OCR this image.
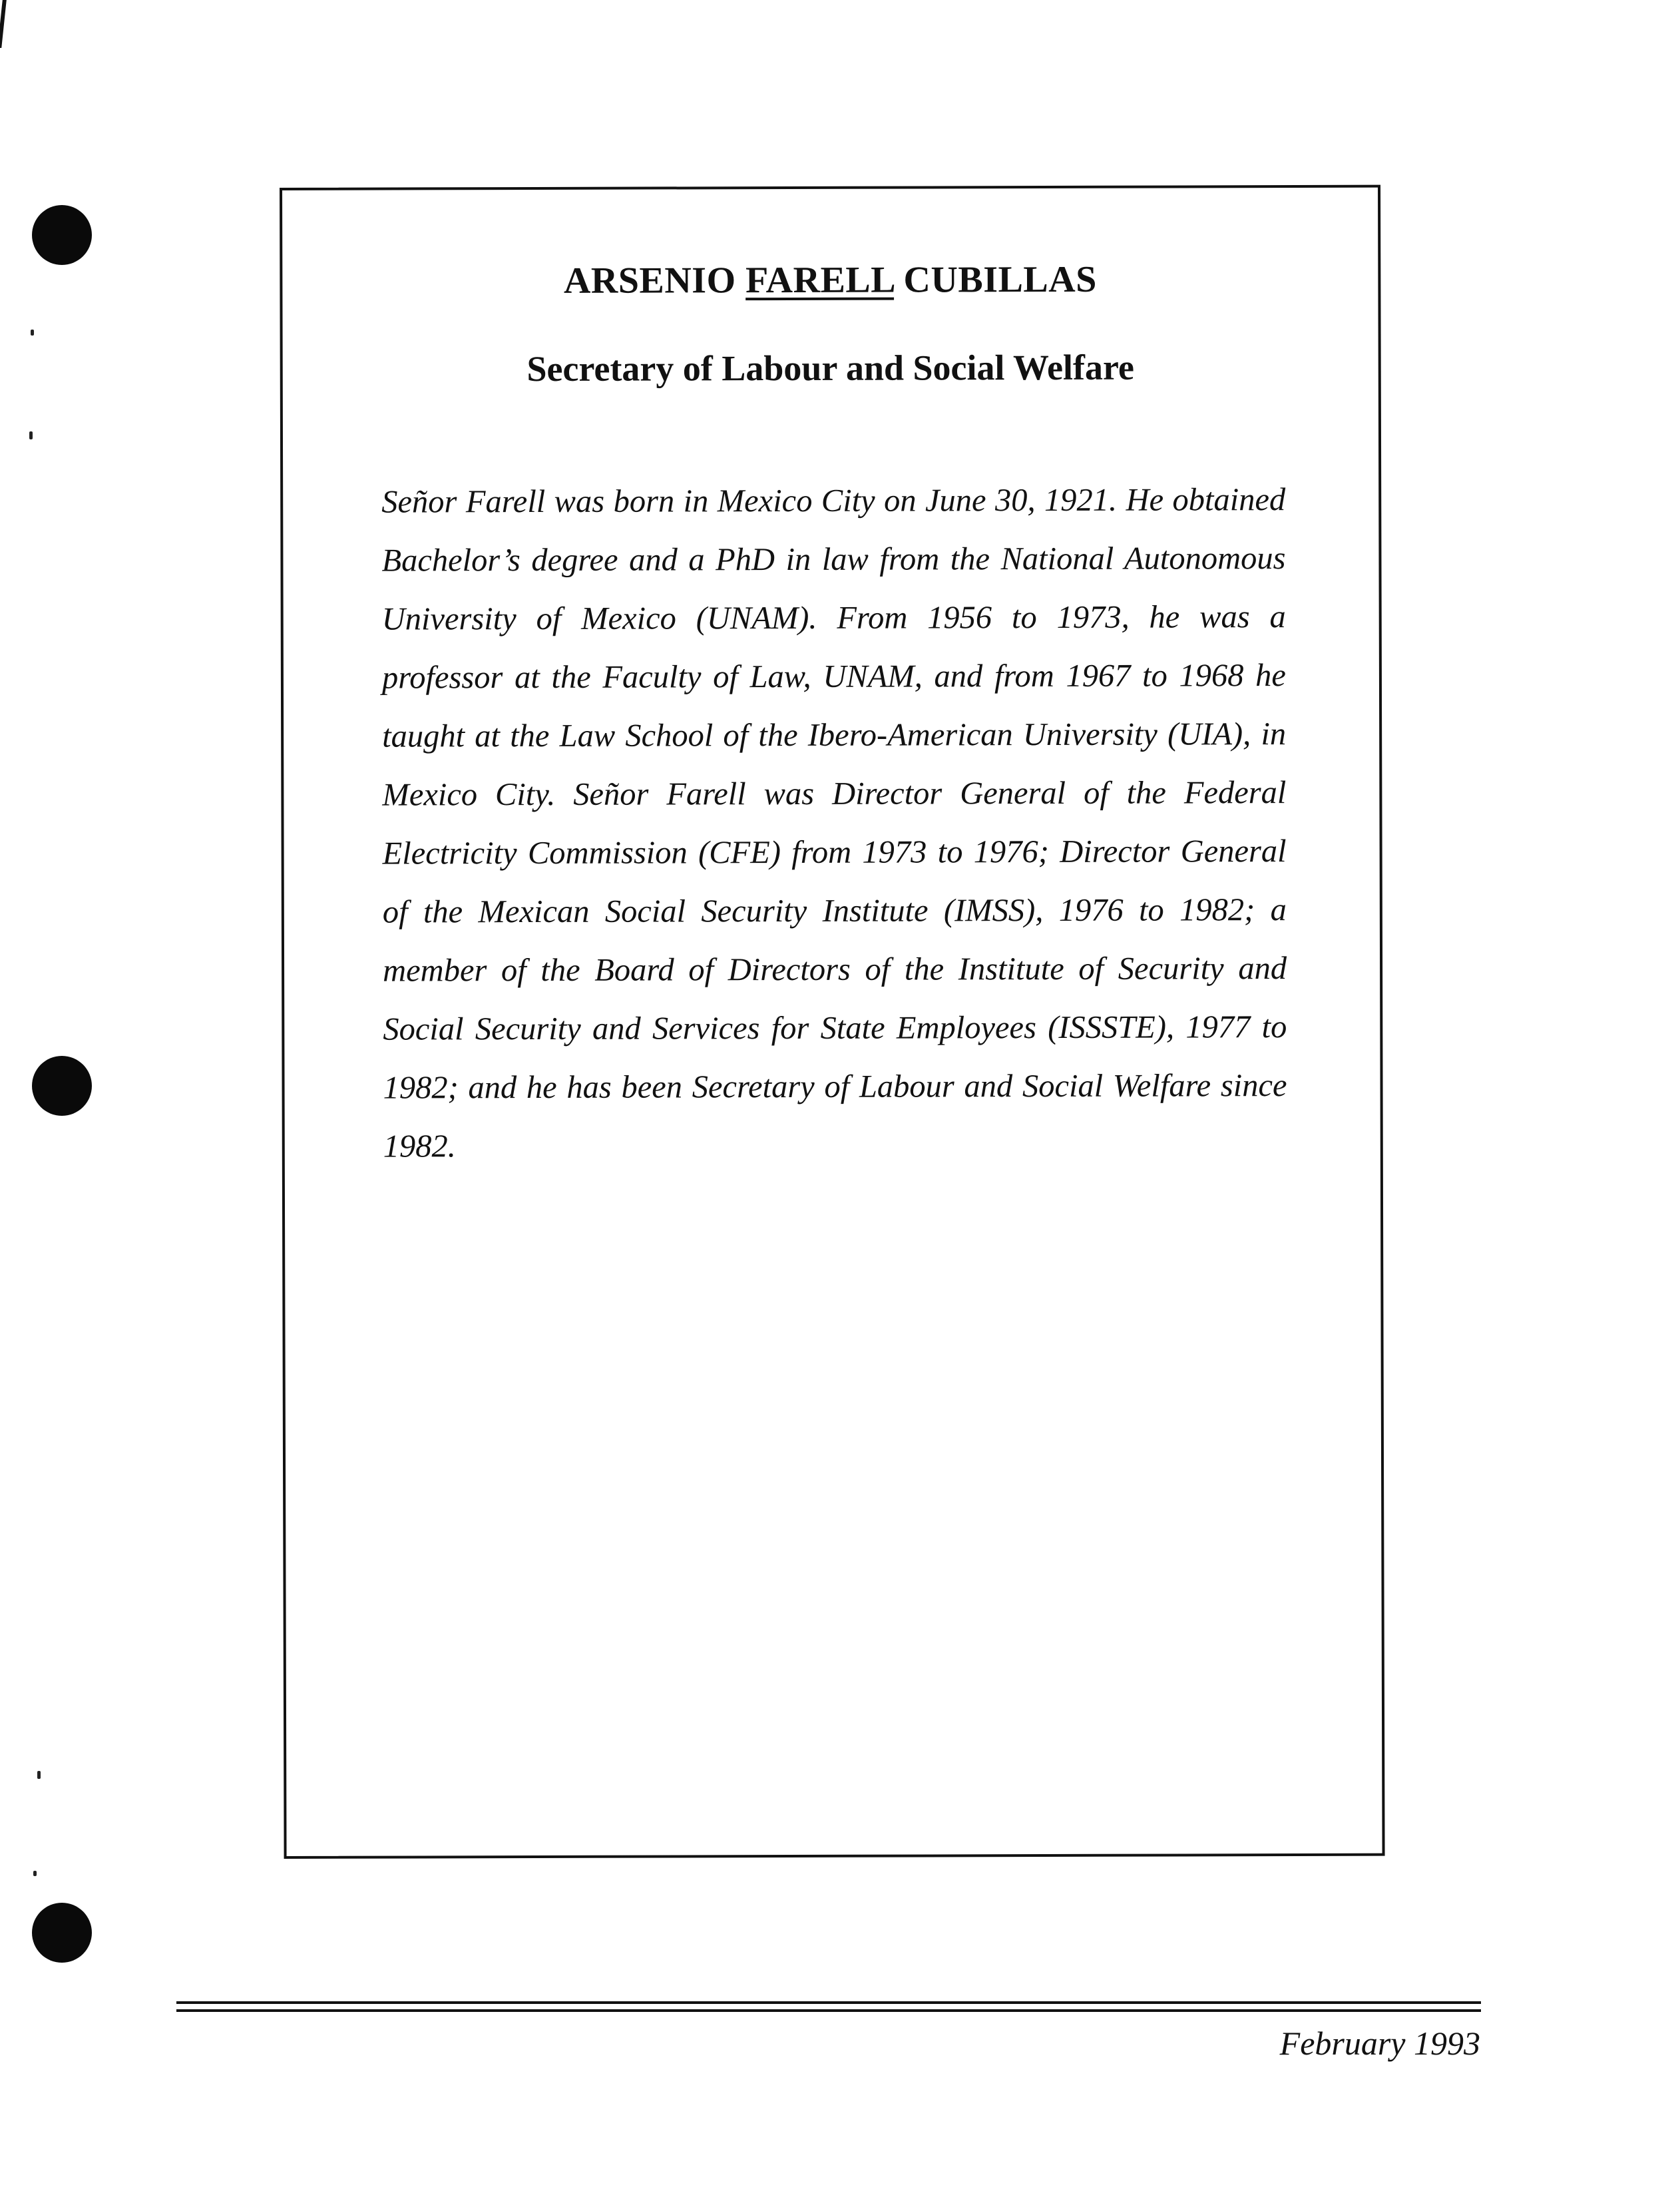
ARSENIO FARELL CUBILLAS
Secretary of Labour and Social Welfare
Señor Farell was born in Mexico City on June 30, 1921. He obtained Bachelor’s degree and a PhD in law from the National Autonomous University of Mexico (UNAM). From 1956 to 1973, he was a professor at the Faculty of Law, UNAM, and from 1967 to 1968 he taught at the Law School of the Ibero-American University (UIA), in Mexico City. Señor Farell was Director General of the Federal Electricity Commission (CFE) from 1973 to 1976; Director General of the Mexican Social Security Institute (IMSS), 1976 to 1982; a member of the Board of Directors of the Institute of Security and Social Security and Services for State Employees (ISSSTE), 1977 to 1982; and he has been Secretary of Labour and Social Welfare since 1982.
February 1993
